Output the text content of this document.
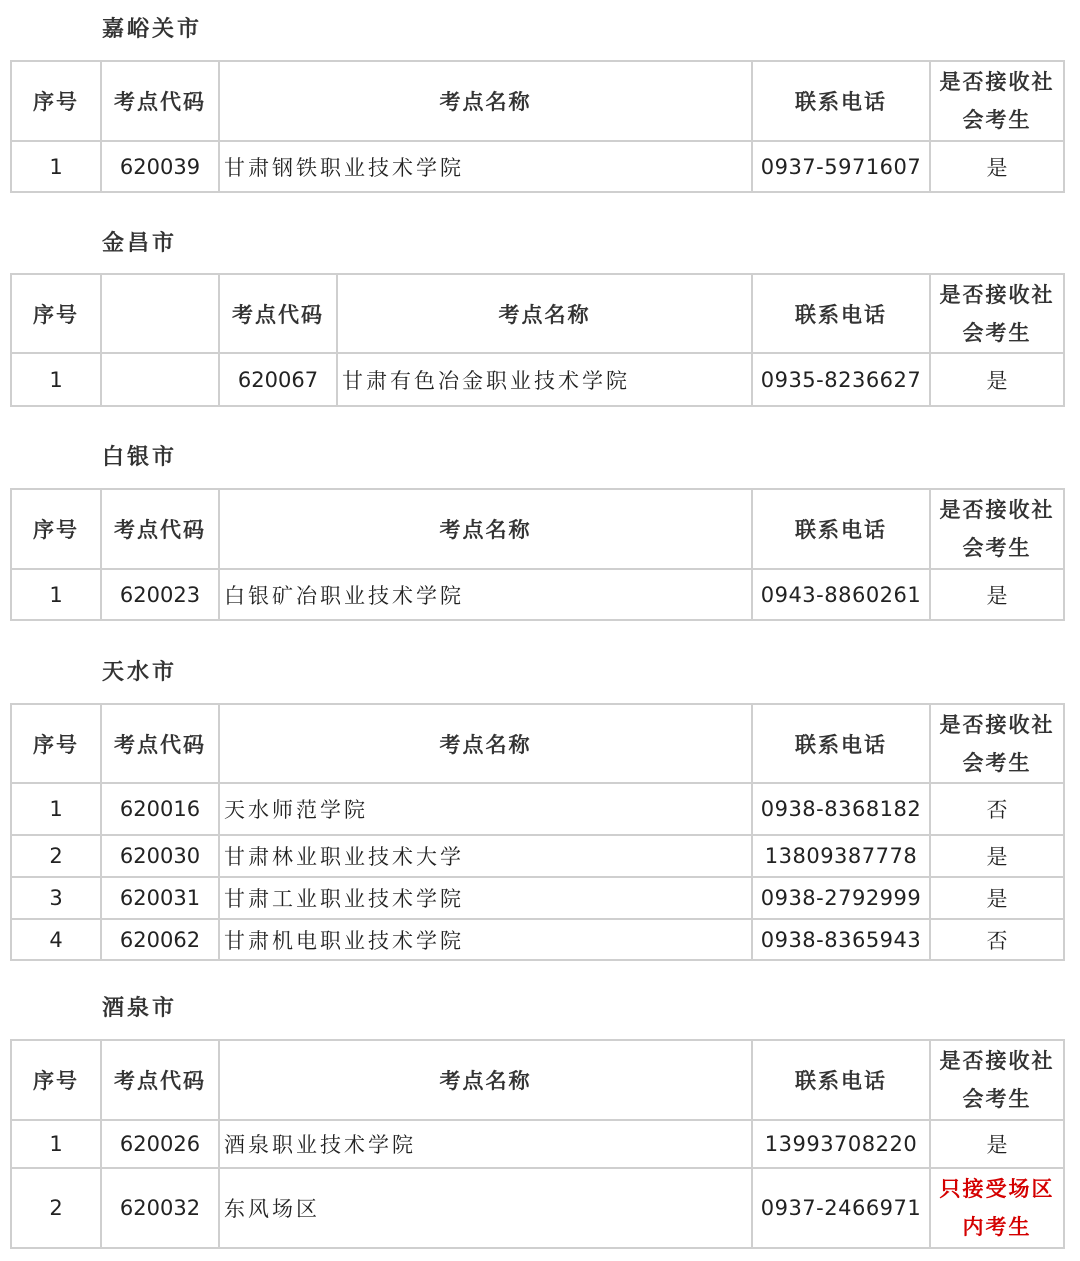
嘉峪关市
序号	考点代码	考点名称	联系电话	是否接收社会考生
1	620039	甘肃钢铁职业技术学院	0937-5971607	是
金昌市
序号		考点代码	考点名称	联系电话	是否接收社会考生
1		620067	甘肃有色冶金职业技术学院	0935-8236627	是
白银市
序号	考点代码	考点名称	联系电话	是否接收社会考生
1	620023	白银矿冶职业技术学院	0943-8860261	是
天水市
序号	考点代码	考点名称	联系电话	是否接收社会考生
1	620016	天水师范学院	0938-8368182	否
2	620030	甘肃林业职业技术大学	13809387778	是
3	620031	甘肃工业职业技术学院	0938-2792999	是
4	620062	甘肃机电职业技术学院	0938-8365943	否
酒泉市
序号	考点代码	考点名称	联系电话	是否接收社会考生
1	620026	酒泉职业技术学院	13993708220	是
2	620032	东风场区	0937-2466971	只接受场区内考生
